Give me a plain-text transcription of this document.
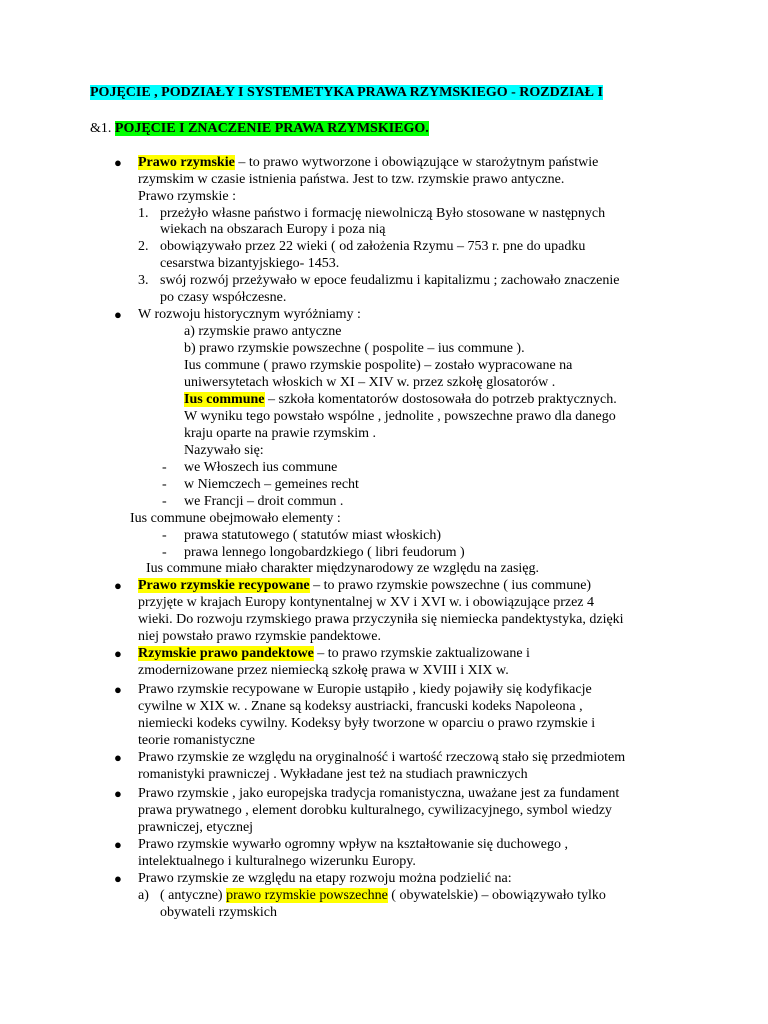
POJĘCIE , PODZIAŁY I SYSTEMETYKA PRAWA RZYMSKIEGO - ROZDZIAŁ I
&1. POJĘCIE I ZNACZENIE PRAWA RZYMSKIEGO.
● Prawo rzymskie – to prawo wytworzone i obowiązujące w starożytnym państwie
rzymskim w czasie istnienia państwa. Jest to tzw. rzymskie prawo antyczne.
Prawo rzymskie :
1. przeżyło własne państwo i formację niewolniczą Było stosowane w następnych
wiekach na obszarach Europy i poza nią
2. obowiązywało przez 22 wieki ( od założenia Rzymu – 753 r. pne do upadku
cesarstwa bizantyjskiego- 1453.
3. swój rozwój przeżywało w epoce feudalizmu i kapitalizmu ; zachowało znaczenie
po czasy współczesne.
● W rozwoju historycznym wyróżniamy :
a) rzymskie prawo antyczne
b) prawo rzymskie powszechne ( pospolite – ius commune ).
Ius commune ( prawo rzymskie pospolite) – zostało wypracowane na
uniwersytetach włoskich w XI – XIV w. przez szkołę glosatorów .
Ius commune – szkoła komentatorów dostosowała do potrzeb praktycznych.
W wyniku tego powstało wspólne , jednolite , powszechne prawo dla danego
kraju oparte na prawie rzymskim .
Nazywało się:
- we Włoszech ius commune
- w Niemczech – gemeines recht
- we Francji – droit commun .
Ius commune obejmowało elementy :
- prawa statutowego ( statutów miast włoskich)
- prawa lennego longobardzkiego ( libri feudorum )
Ius commune miało charakter międzynarodowy ze względu na zasięg.
● Prawo rzymskie recypowane – to prawo rzymskie powszechne ( ius commune)
przyjęte w krajach Europy kontynentalnej w XV i XVI w. i obowiązujące przez 4
wieki. Do rozwoju rzymskiego prawa przyczyniła się niemiecka pandektystyka, dzięki
niej powstało prawo rzymskie pandektowe.
● Rzymskie prawo pandektowe – to prawo rzymskie zaktualizowane i
zmodernizowane przez niemiecką szkołę prawa w XVIII i XIX w.
● Prawo rzymskie recypowane w Europie ustąpiło , kiedy pojawiły się kodyfikacje
cywilne w XIX w. . Znane są kodeksy austriacki, francuski kodeks Napoleona ,
niemiecki kodeks cywilny. Kodeksy były tworzone w oparciu o prawo rzymskie i
teorie romanistyczne
● Prawo rzymskie ze względu na oryginalność i wartość rzeczową stało się przedmiotem
romanistyki prawniczej . Wykładane jest też na studiach prawniczych
● Prawo rzymskie , jako europejska tradycja romanistyczna, uważane jest za fundament
prawa prywatnego , element dorobku kulturalnego, cywilizacyjnego, symbol wiedzy
prawniczej, etycznej
● Prawo rzymskie wywarło ogromny wpływ na kształtowanie się duchowego ,
intelektualnego i kulturalnego wizerunku Europy.
● Prawo rzymskie ze względu na etapy rozwoju można podzielić na:
a) ( antyczne) prawo rzymskie powszechne ( obywatelskie) – obowiązywało tylko
obywateli rzymskich
